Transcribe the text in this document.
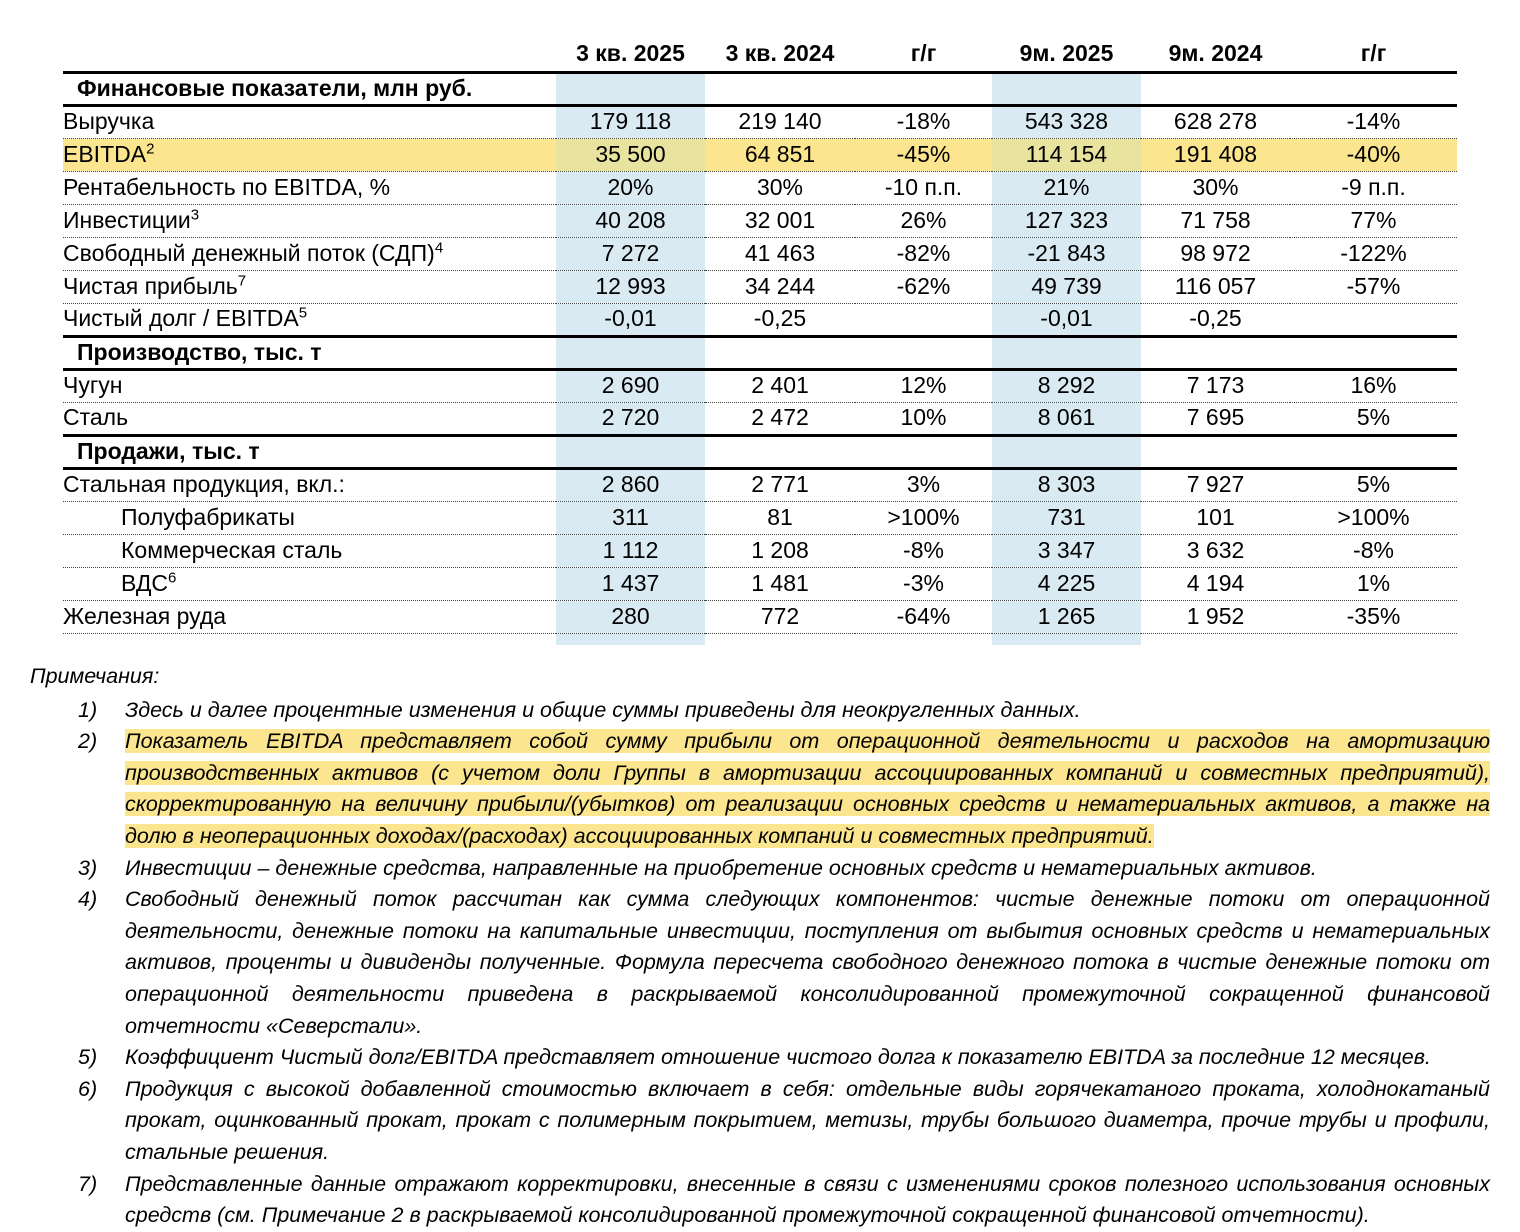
	3 кв. 2025	3 кв. 2024	г/г	9м. 2025	9м. 2024	г/г
Финансовые показатели, млн руб.						
Выручка	179 118	219 140	-18%	543 328	628 278	-14%
EBITDA$^2$	35 500	64 851	-45%	114 154	191 408	-40%
Рентабельность по EBITDA, %	20%	30%	-10 п.п.	21%	30%	-9 п.п.
Инвестиции$^3$	40 208	32 001	26%	127 323	71 758	77%
Свободный денежный поток (СДП)$^4$	7 272	41 463	-82%	-21 843	98 972	-122%
Чистая прибыль$^7$	12 993	34 244	-62%	49 739	116 057	-57%
Чистый долг / EBITDA$^5$	-0,01	-0,25		-0,01	-0,25	
Производство, тыс. т						
Чугун	2 690	2 401	12%	8 292	7 173	16%
Сталь	2 720	2 472	10%	8 061	7 695	5%
Продажи, тыс. т						
Стальная продукция, вкл.:	2 860	2 771	3%	8 303	7 927	5%
Полуфабрикаты	311	81	>100%	731	101	>100%
Коммерческая сталь	1 112	1 208	-8%	3 347	3 632	-8%
ВДС$^6$	1 437	1 481	-3%	4 225	4 194	1%
Железная руда	280	772	-64%	1 265	1 952	-35%

Примечания:
1)	Здесь и далее процентные изменения и общие суммы приведены для неокругленных данных.
2)	Показатель EBITDA представляет собой сумму прибыли от операционной деятельности и расходов на амортизацию производственных активов (с учетом доли Группы в амортизации ассоциированных компаний и совместных предприятий), скорректированную на величину прибыли/(убытков) от реализации основных средств и нематериальных активов, а также на долю в неоперационных доходах/(расходах) ассоциированных компаний и совместных предприятий.
3)	Инвестиции – денежные средства, направленные на приобретение основных средств и нематериальных активов.
4)	Свободный денежный поток рассчитан как сумма следующих компонентов: чистые денежные потоки от операционной деятельности, денежные потоки на капитальные инвестиции, поступления от выбытия основных средств и нематериальных активов, проценты и дивиденды полученные. Формула пересчета свободного денежного потока в чистые денежные потоки от операционной деятельности приведена в раскрываемой консолидированной промежуточной сокращенной финансовой отчетности «Северстали».
5)	Коэффициент Чистый долг/EBITDA представляет отношение чистого долга к показателю EBITDA за последние 12 месяцев.
6)	Продукция с высокой добавленной стоимостью включает в себя: отдельные виды горячекатаного проката, холоднокатаный прокат, оцинкованный прокат, прокат с полимерным покрытием, метизы, трубы большого диаметра, прочие трубы и профили, стальные решения.
7)	Представленные данные отражают корректировки, внесенные в связи с изменениями сроков полезного использования основных средств (см. Примечание 2 в раскрываемой консолидированной промежуточной сокращенной финансовой отчетности).
